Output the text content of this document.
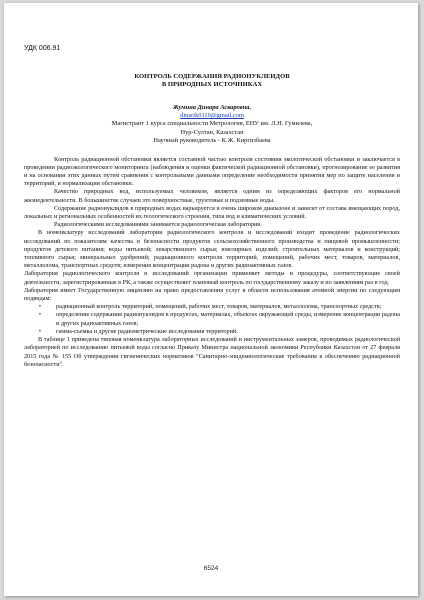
УДК 006.91
КОНТРОЛЬ СОДЕРЖАНИЯ РАДИОНУКЛЕИДОВ
В ПРИРОДНЫХ ИСТОЧНИКАХ
Жумина Динара Аскаровна,
dinarik0110@gmail.com
Магистрант 1 курса специальности Метрология, ЕНУ им. Л.Н. Гумилева,
Нур-Султан, Казахстан
Научный руководитель - К.Ж. Киргизбаева

Контроль радиационной обстановки является составной частью контроля состояния экологической обстановки и заключается в проведении радиоэкологического мониторинга (наблюдения и оценки фактической радиационной обстановки), прогнозирование ее развития и на основании этих данных путем сравнения с контрольными данными определение необходимости принятия мер по защите населения и территорий, и нормализации обстановки.

Качество природных вод, используемых человеком, является одним из определяющих факторов его нормальной жизнедеятельности. В большинстве случаев это поверхностные, грунтовые и подземные воды.

Содержание радионуклидов в природных водах варьируется в очень широком диапазоне и зависит от состава вмещающих пород, локальных и региональных особенностей их геологического строения, типа вод и климатических условий.

Радиологическими исследованиями занимается радиологическая лаборатория.

В номенклатуру исследований лаборатории радиологического контроля и исследований входит проведение радиологических исследований по показателям качества и безопасности продуктов сельскохозяйственного производства и пищевой промышленности; продуктов детского питания; воды питьевой; лекарственного сырья; ювелирных изделий; строительных материалов и конструкций; топливного сырья; минеральных удобрений; радиационного контроля территорий, помещений, рабочих мест, товаров, материалов, металлолома, транспортных средств; измерения концентрации радона и других радиоактивных газов.

Лаборатория радиологического контроля и исследований организации применяет методы и процедуры, соответствующие своей деятельности, зарегистрированные в РК, а также осуществляет плановый контроль по государственному заказу и по заявлениям раз в год.

Лаборатория имеет Государственную лицензию на право предоставления услуг в области использования атомной энергии по следующим подвидам:

•	радиационный контроль территорий, помещений, рабочих мест, товаров, материалов, металлолома, транспортных средств;
•	определение содержания радионуклидов в продуктах, материалах, объектах окружающей среды, измерение концентрации радона и других радиоактивных газов;
•	гамма-съемка и другие радиометрические исследования территорий.

В таблице 1 приведена типовая номенклатура лабораторных исследований и инструментальных замеров, проводимых радиологической лабораторией по исследованию питьевой воды согласно Приказу Министра национальной экономики Республики Казахстан от 27 февраля 2015 года № 155 Об утверждении гигиенических нормативов "Санитарно-эпидемиологические требования к обеспечению радиационной безопасности".

6524
